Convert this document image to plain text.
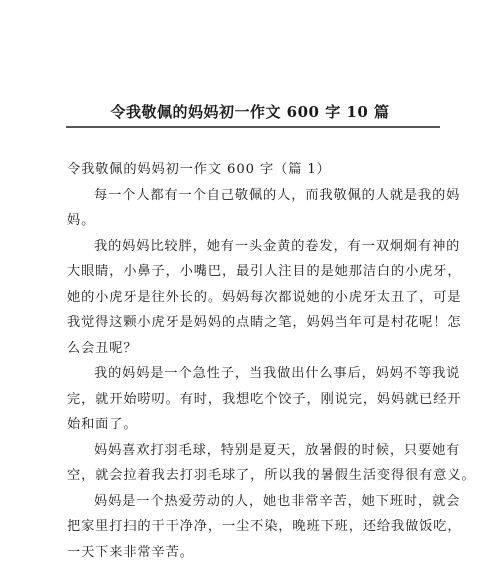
令我敬佩的妈妈初一作文 600 字 10 篇

令我敬佩的妈妈初一作文 600 字（篇 1）

每一个人都有一个自己敬佩的人，而我敬佩的人就是我的妈

妈。

我的妈妈比较胖，她有一头金黄的卷发，有一双炯炯有神的

大眼睛，小鼻子，小嘴巴，最引人注目的是她那洁白的小虎牙，

她的小虎牙是往外长的。妈妈每次都说她的小虎牙太丑了，可是

我觉得这颗小虎牙是妈妈的点睛之笔，妈妈当年可是村花呢！怎

么会丑呢？

我的妈妈是一个急性子，当我做出什么事后，妈妈不等我说

完，就开始唠叨。有时，我想吃个饺子，刚说完，妈妈就已经开

始和面了。

妈妈喜欢打羽毛球，特别是夏天，放暑假的时候，只要她有

空，就会拉着我去打羽毛球了，所以我的暑假生活变得很有意义。

妈妈是一个热爱劳动的人，她也非常辛苦，她下班时，就会

把家里打扫的干干净净，一尘不染，晚班下班，还给我做饭吃，

一天下来非常辛苦。
